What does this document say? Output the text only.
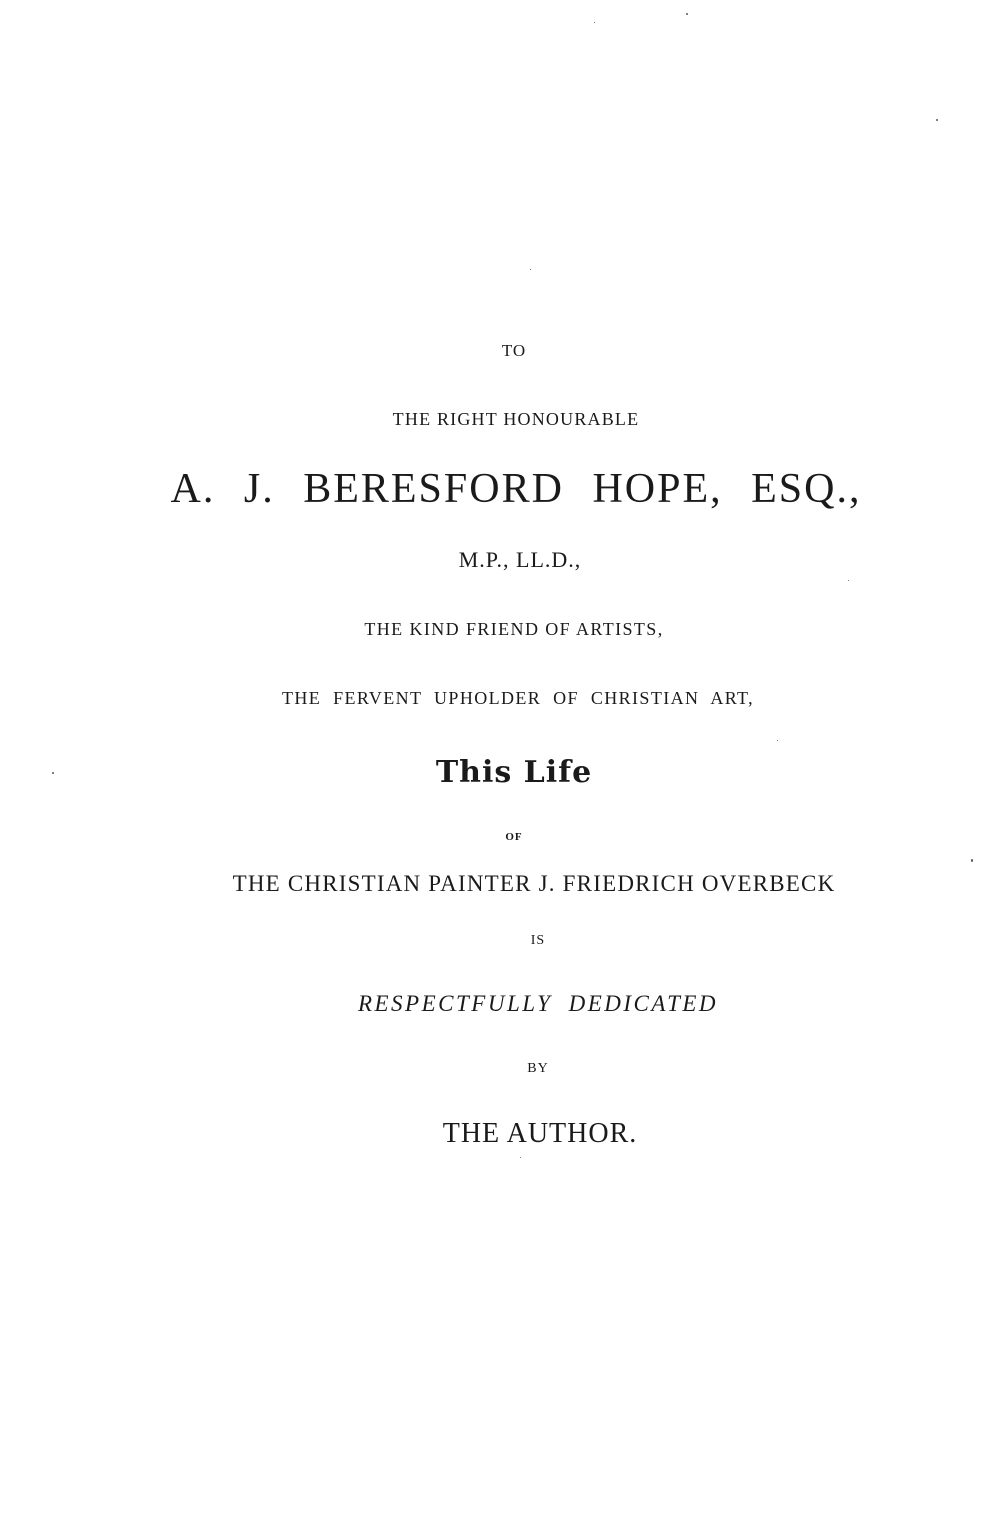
TO
THE RIGHT HONOURABLE
A. J. BERESFORD HOPE, ESQ.,
M.P., LL.D.,
THE KIND FRIEND OF ARTISTS,
THE FERVENT UPHOLDER OF CHRISTIAN ART,
This Life
OF
THE CHRISTIAN PAINTER J. FRIEDRICH OVERBECK
IS
RESPECTFULLY DEDICATED
BY
THE AUTHOR.
